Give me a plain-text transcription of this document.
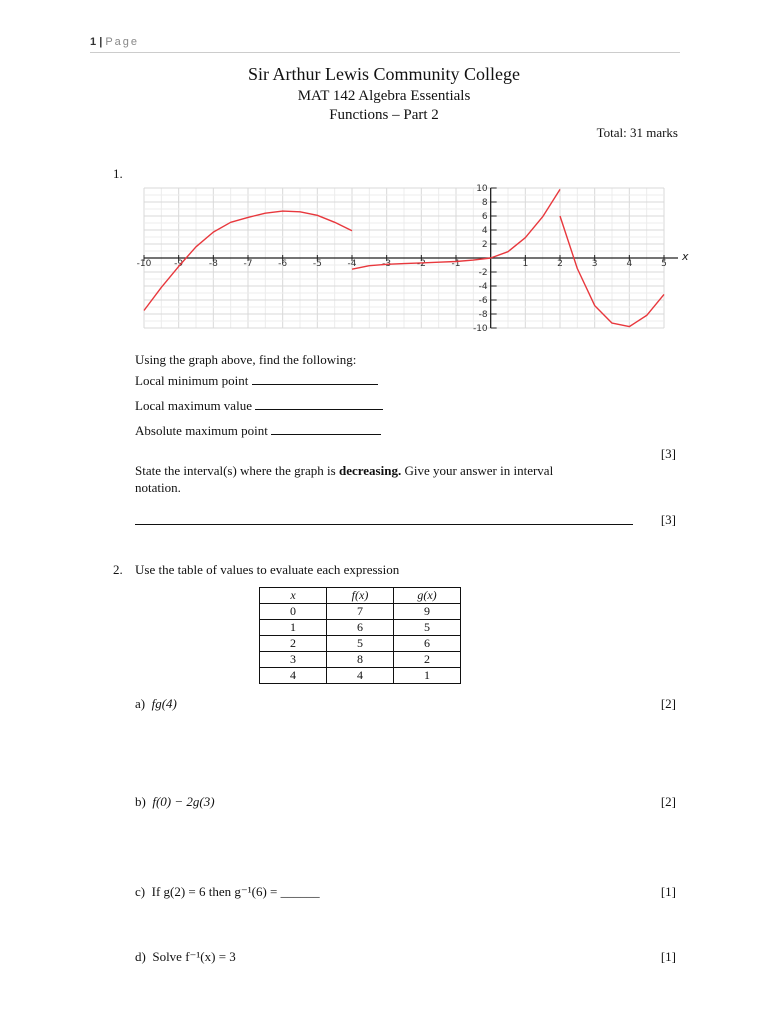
1 | Page
Sir Arthur Lewis Community College
MAT 142 Algebra Essentials
Functions – Part 2
Total: 31 marks
1.
x
-10	-9	-8	-7	-6	-5	-4	-3	-2	-1	1	2	3	4	5
10
8
6
4
2
-2
-4
-6
-8
-10
Using the graph above, find the following:
Local minimum point
Local maximum value
Absolute maximum point
[3]
State the interval(s) where the graph is decreasing. Give your answer in interval
notation.
[3]
2. Use the table of values to evaluate each expression
x	f(x)	g(x)
0	7	9
1	6	5
2	5	6
3	8	2
4	4	1
a) fg(4)	[2]
b) f(0) − 2g(3)	[2]
c) If g(2) = 6 then g⁻¹(6) = ______	[1]
d) Solve f⁻¹(x) = 3	[1]
